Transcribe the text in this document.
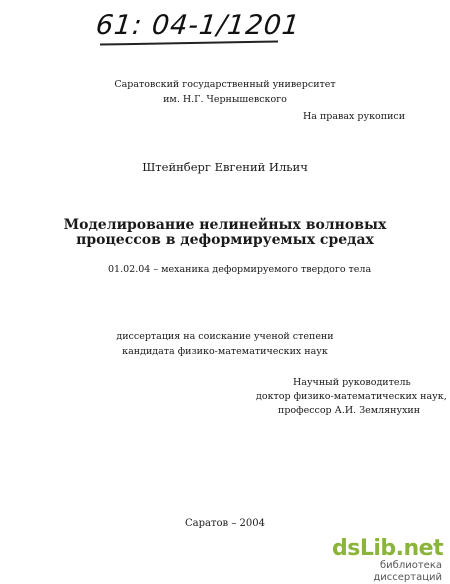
61: 04-1/1201
Саратовский государственный университет
им. Н.Г. Чернышевского
На правах рукописи
Штейнберг Евгений Ильич
Моделирование нелинейных волновых
процессов в деформируемых средах
01.02.04 – механика деформируемого твердого тела
диссертация на соискание ученой степени
кандидата физико-математических наук
Научный руководитель
доктор физико-математических наук,
профессор А.И. Землянухин
Саратов – 2004
dsLib.net
библиотека диссертаций
